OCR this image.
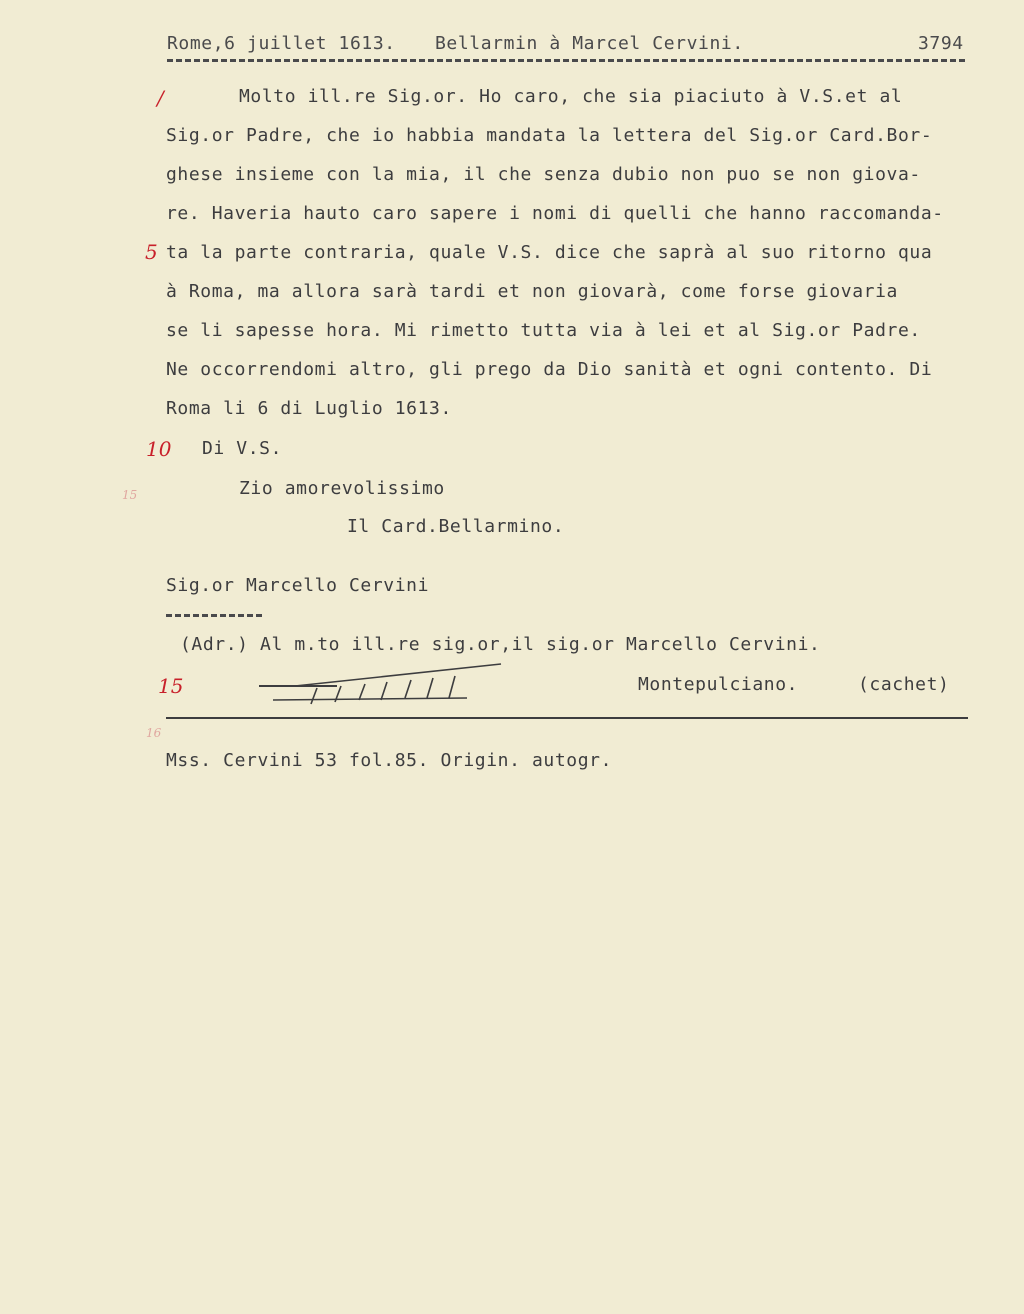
Rome,6 juillet 1613. Bellarmin à Marcel Cervini.	3794
/
5
10
15
15
16
Molto ill.re Sig.or. Ho caro, che sia piaciuto à V.S.et al
Sig.or Padre, che io habbia mandata la lettera del Sig.or Card.Bor-
ghese insieme con la mia, il che senza dubio non puo se non giova-
re. Haveria hauto caro sapere i nomi di quelli che hanno raccomanda-
ta la parte contraria, quale V.S. dice che saprà al suo ritorno qua
à Roma, ma allora sarà tardi et non giovarà, come forse giovaria
se li sapesse hora. Mi rimetto tutta via à lei et al Sig.or Padre.
Ne occorrendomi altro, gli prego da Dio sanità et ogni contento. Di
Roma li 6 di Luglio 1613.
Di V.S.
Zio amorevolissimo
Il Card.Bellarmino.
Sig.or Marcello Cervini
(Adr.) Al m.to ill.re sig.or,il sig.or Marcello Cervini.
Montepulciano.	(cachet)
Mss. Cervini 53 fol.85. Origin. autogr.
